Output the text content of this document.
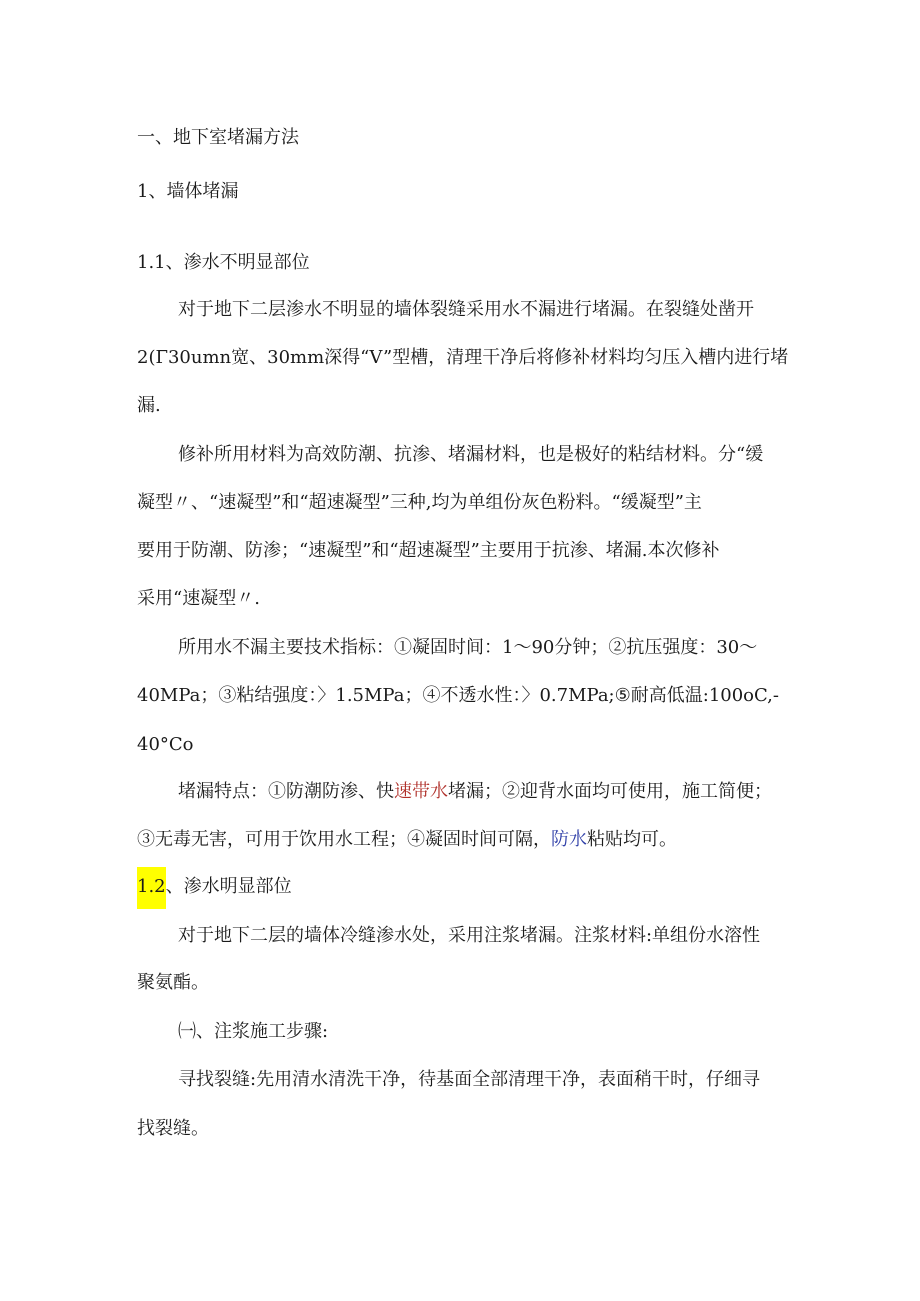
一、地下室堵漏方法
1、墙体堵漏
1.1、渗水不明显部位
对于地下二层渗水不明显的墙体裂缝采用水不漏进行堵漏。在裂缝处凿开
2(Γ30umn宽、30mm深得“V”型槽，清理干净后将修补材料均匀压入槽内进行堵
漏.
修补所用材料为高效防潮、抗渗、堵漏材料，也是极好的粘结材料。分“缓
凝型〃、“速凝型”和“超速凝型”三种,均为单组份灰色粉料。“缓凝型”主
要用于防潮、防渗；“速凝型”和“超速凝型”主要用于抗渗、堵漏.本次修补
采用“速凝型〃.
所用水不漏主要技术指标：①凝固时间：1～90分钟；②抗压强度：30～
40MPa；③粘结强度：〉1.5MPa；④不透水性：〉0.7MPa;⑤耐高低温:100oC,-
40°Co
堵漏特点：①防潮防渗、快速带水堵漏；②迎背水面均可使用，施工简便；
③无毒无害，可用于饮用水工程；④凝固时间可隔，防水粘贴均可。
1.2、渗水明显部位
对于地下二层的墙体冷缝渗水处，采用注浆堵漏。注浆材料:单组份水溶性
聚氨酯。
㈠、注浆施工步骤:
寻找裂缝:先用清水清洗干净，待基面全部清理干净，表面稍干时，仔细寻
找裂缝。
